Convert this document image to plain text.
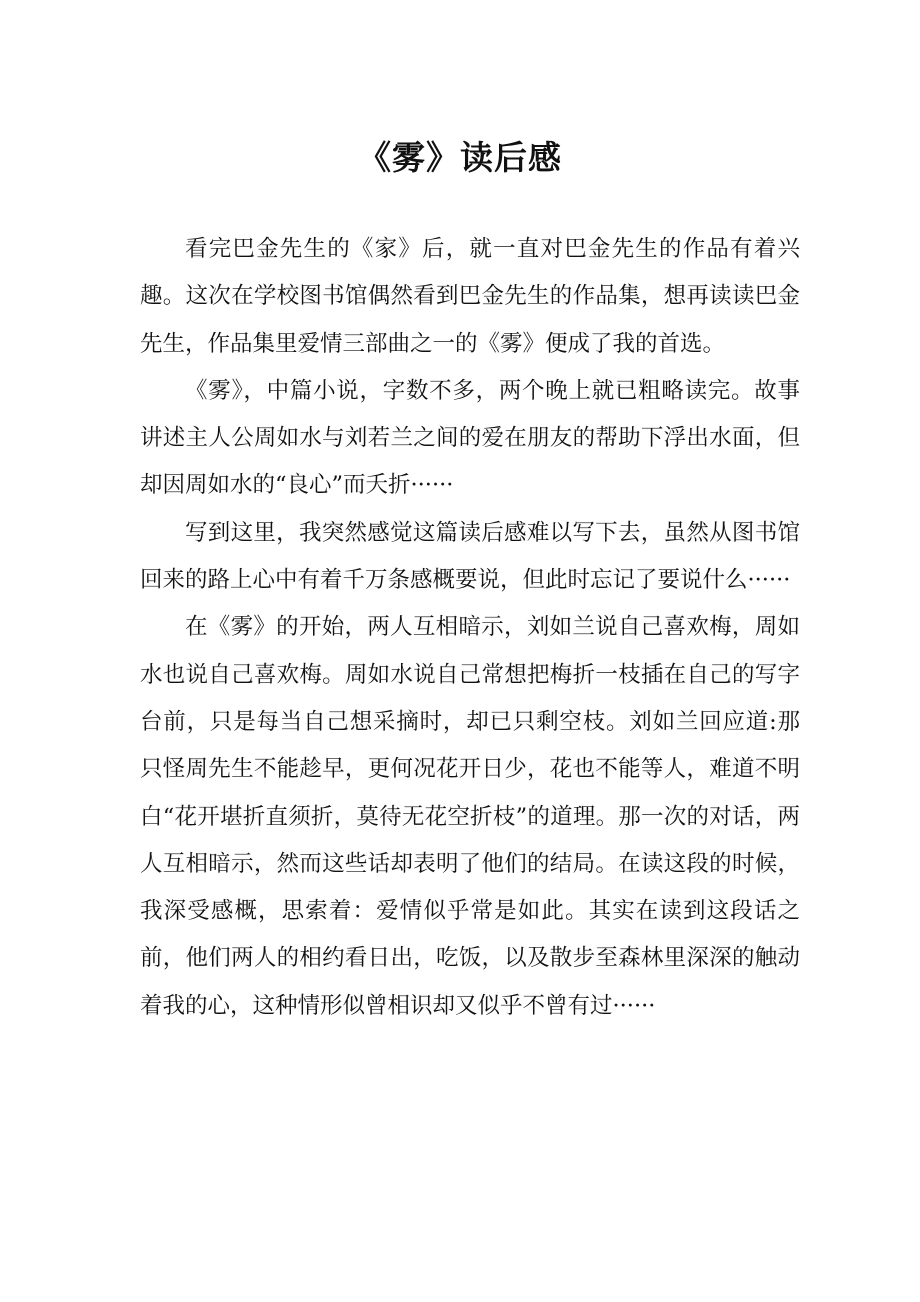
《雾》读后感

看完巴金先生的《家》后，就一直对巴金先生的作品有着兴趣。这次在学校图书馆偶然看到巴金先生的作品集，想再读读巴金先生，作品集里爱情三部曲之一的《雾》便成了我的首选。

《雾》，中篇小说，字数不多，两个晚上就已粗略读完。故事讲述主人公周如水与刘若兰之间的爱在朋友的帮助下浮出水面，但却因周如水的“良心”而夭折······

写到这里，我突然感觉这篇读后感难以写下去，虽然从图书馆回来的路上心中有着千万条感概要说，但此时忘记了要说什么······

在《雾》的开始，两人互相暗示，刘如兰说自己喜欢梅，周如水也说自己喜欢梅。周如水说自己常想把梅折一枝插在自己的写字台前，只是每当自己想采摘时，却已只剩空枝。刘如兰回应道:那只怪周先生不能趁早，更何况花开日少，花也不能等人，难道不明白“花开堪折直须折，莫待无花空折枝”的道理。那一次的对话，两人互相暗示，然而这些话却表明了他们的结局。在读这段的时候，我深受感概，思索着：爱情似乎常是如此。其实在读到这段话之前，他们两人的相约看日出，吃饭，以及散步至森林里深深的触动着我的心，这种情形似曾相识却又似乎不曾有过······
